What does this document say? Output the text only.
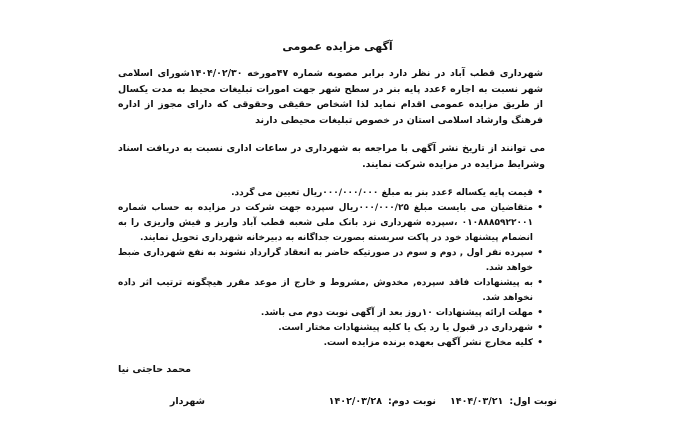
آگهی مزایده عمومی
شهرداری قطب آباد در نظر دارد برابر مصوبه شماره ۴۷مورخه ۱۴۰۴/۰۲/۳۰شورای اسلامی شهر نسبت به اجاره ۶عدد پایه بنر در سطح شهر جهت امورات تبلیغات محیط به مدت یکسال از طریق مزایده عمومی اقدام نماید لذا اشخاص حقیقی وحقوقی که دارای مجوز از اداره فرهنگ وارشاد اسلامی استان در خصوص تبلیغات محیطی دارند
می توانند از تاریخ نشر آگهی با مراجعه به شهرداری در ساعات اداری نسبت به دریافت اسناد وشرایط مزایده در مزایده شرکت نمایند.
• قیمت پایه یکساله ۶عدد بنر به مبلغ ۰۰۰/۰۰۰/۰۰۰ریال تعیین می گردد.
• متقاضیان می بایست مبلغ ۰۰۰/۰۰۰/۲۵ریال سپرده جهت شرکت در مزایده به حساب شماره ۰۱۰۸۸۸۵۹۲۲۰۰۱ ،سپرده شهرداری نزد بانک ملی شعبه قطب آباد واریز و فیش واریزی را به انضمام پیشنهاد خود در پاکت سربسته بصورت جداگانه به دبیرخانه شهرداری تحویل نمایند.
• سپرده نفر اول , دوم و سوم در صورتیکه حاضر به انعقاد گرارداد نشوند به نفع شهرداری ضبط خواهد شد.
• به پیشنهادات فاقد سپرده, مخدوش ,مشروط و خارج از موعد مقرر هیچگونه ترتیب اثر داده نخواهد شد.
• مهلت ارائه پیشنهادات ۱۰روز بعد از آگهی نوبت دوم می باشد.
• شهرداری در قبول یا رد یک یا کلیه پیشنهادات مختار است.
• کلیه مخارج نشر آگهی بعهده برنده مزایده است.
محمد حاجتی نیا
شهردار	نوبت اول:۱۴۰۴/۰۳/۲۱نوبت دوم:۱۴۰۲/۰۳/۲۸
